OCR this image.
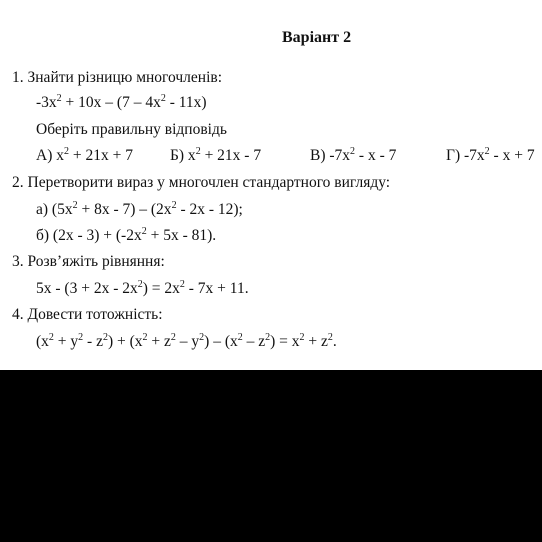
Варіант 2
1. Знайти різницю многочленів:
$-3x^2 + 10x - (7 - 4x^2 - 11x)$
Оберіть правильну відповідь
А) $x^2 + 21x + 7$ Б) $x^2 + 21x - 7$	В) $-7x^2$ - x - 7	Г) $-7x^2 - x + 7$
2. Перетворити вираз у многочлен стандартного вигляду:
а) $(5x^2 + 8x - 7) - (2x^2 - 2x - 12)$;
б) $(2x - 3) + (-2x^2 + 5x - 81)$.
3. Розв’яжіть рівняння:
$5x - (3 + 2x - 2x^2) = 2x^2 - 7x + 11$.
4. Довести тотожність:
$(x^2 + y^2 - z^2) + (x^2 + z^2 - y^2) - (x^2 - z^2) = x^2 + z^2$.
